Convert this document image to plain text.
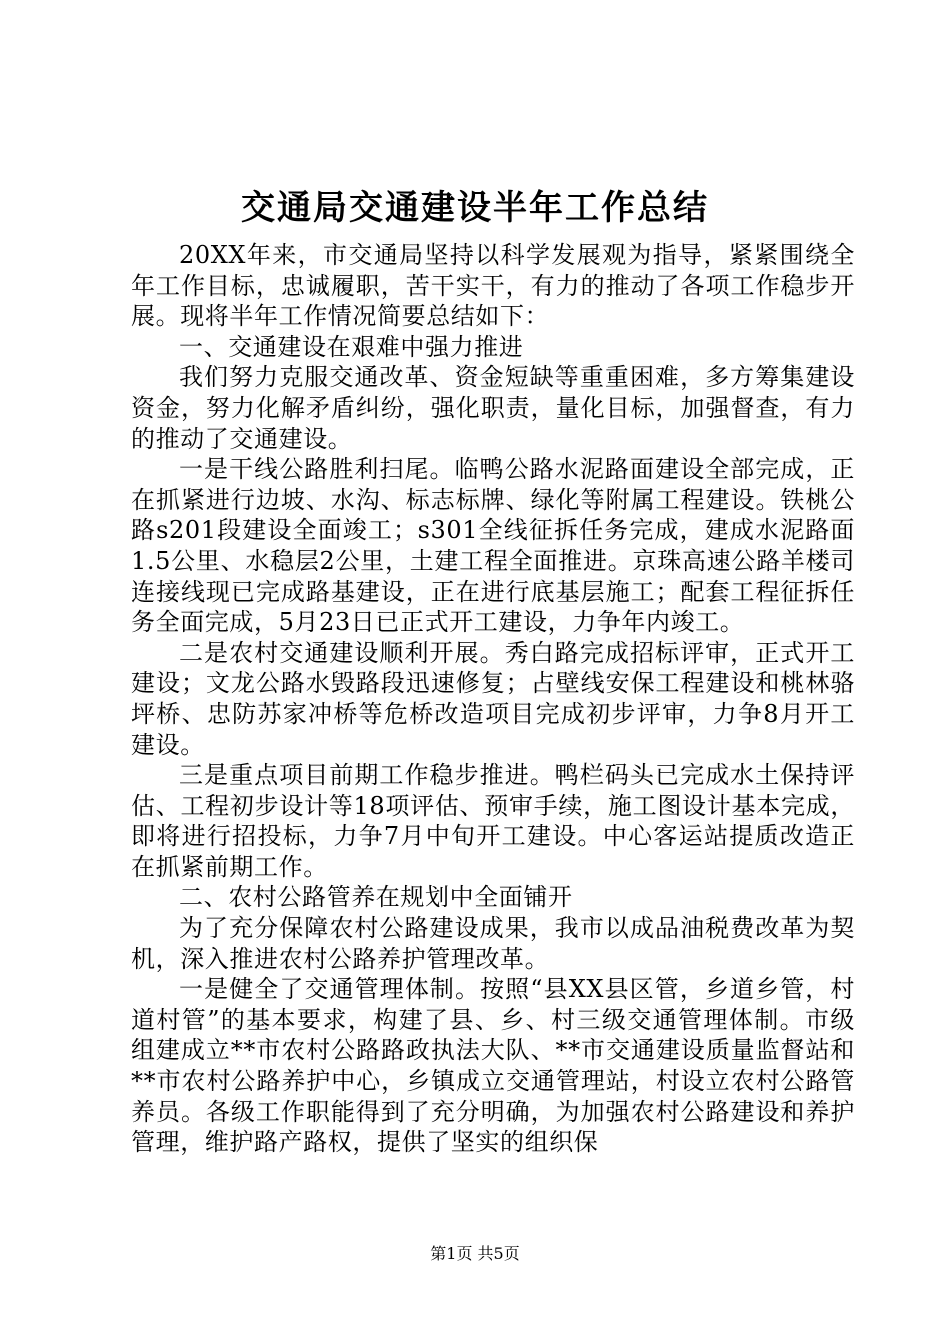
交通局交通建设半年工作总结

20XX年来，市交通局坚持以科学发展观为指导，紧紧围绕全年工作目标，忠诚履职，苦干实干，有力的推动了各项工作稳步开展。现将半年工作情况简要总结如下：

一、交通建设在艰难中强力推进

我们努力克服交通改革、资金短缺等重重困难，多方筹集建设资金，努力化解矛盾纠纷，强化职责，量化目标，加强督查，有力的推动了交通建设。

一是干线公路胜利扫尾。临鸭公路水泥路面建设全部完成，正在抓紧进行边坡、水沟、标志标牌、绿化等附属工程建设。铁桃公路s201段建设全面竣工；s301全线征拆任务完成，建成水泥路面1.5公里、水稳层2公里，土建工程全面推进。京珠高速公路羊楼司连接线现已完成路基建设，正在进行底基层施工；配套工程征拆任务全面完成，5月23日已正式开工建设，力争年内竣工。

二是农村交通建设顺利开展。秀白路完成招标评审，正式开工建设；文龙公路水毁路段迅速修复；占壁线安保工程建设和桃林骆坪桥、忠防苏家冲桥等危桥改造项目完成初步评审，力争8月开工建设。

三是重点项目前期工作稳步推进。鸭栏码头已完成水土保持评估、工程初步设计等18项评估、预审手续，施工图设计基本完成，即将进行招投标，力争7月中旬开工建设。中心客运站提质改造正在抓紧前期工作。

二、农村公路管养在规划中全面铺开

为了充分保障农村公路建设成果，我市以成品油税费改革为契机，深入推进农村公路养护管理改革。

一是健全了交通管理体制。按照“县XX县区管，乡道乡管，村道村管”的基本要求，构建了县、乡、村三级交通管理体制。市级组建成立**市农村公路路政执法大队、**市交通建设质量监督站和**市农村公路养护中心，乡镇成立交通管理站，村设立农村公路管养员。各级工作职能得到了充分明确，为加强农村公路建设和养护管理，维护路产路权，提供了坚实的组织保

第1页 共5页
